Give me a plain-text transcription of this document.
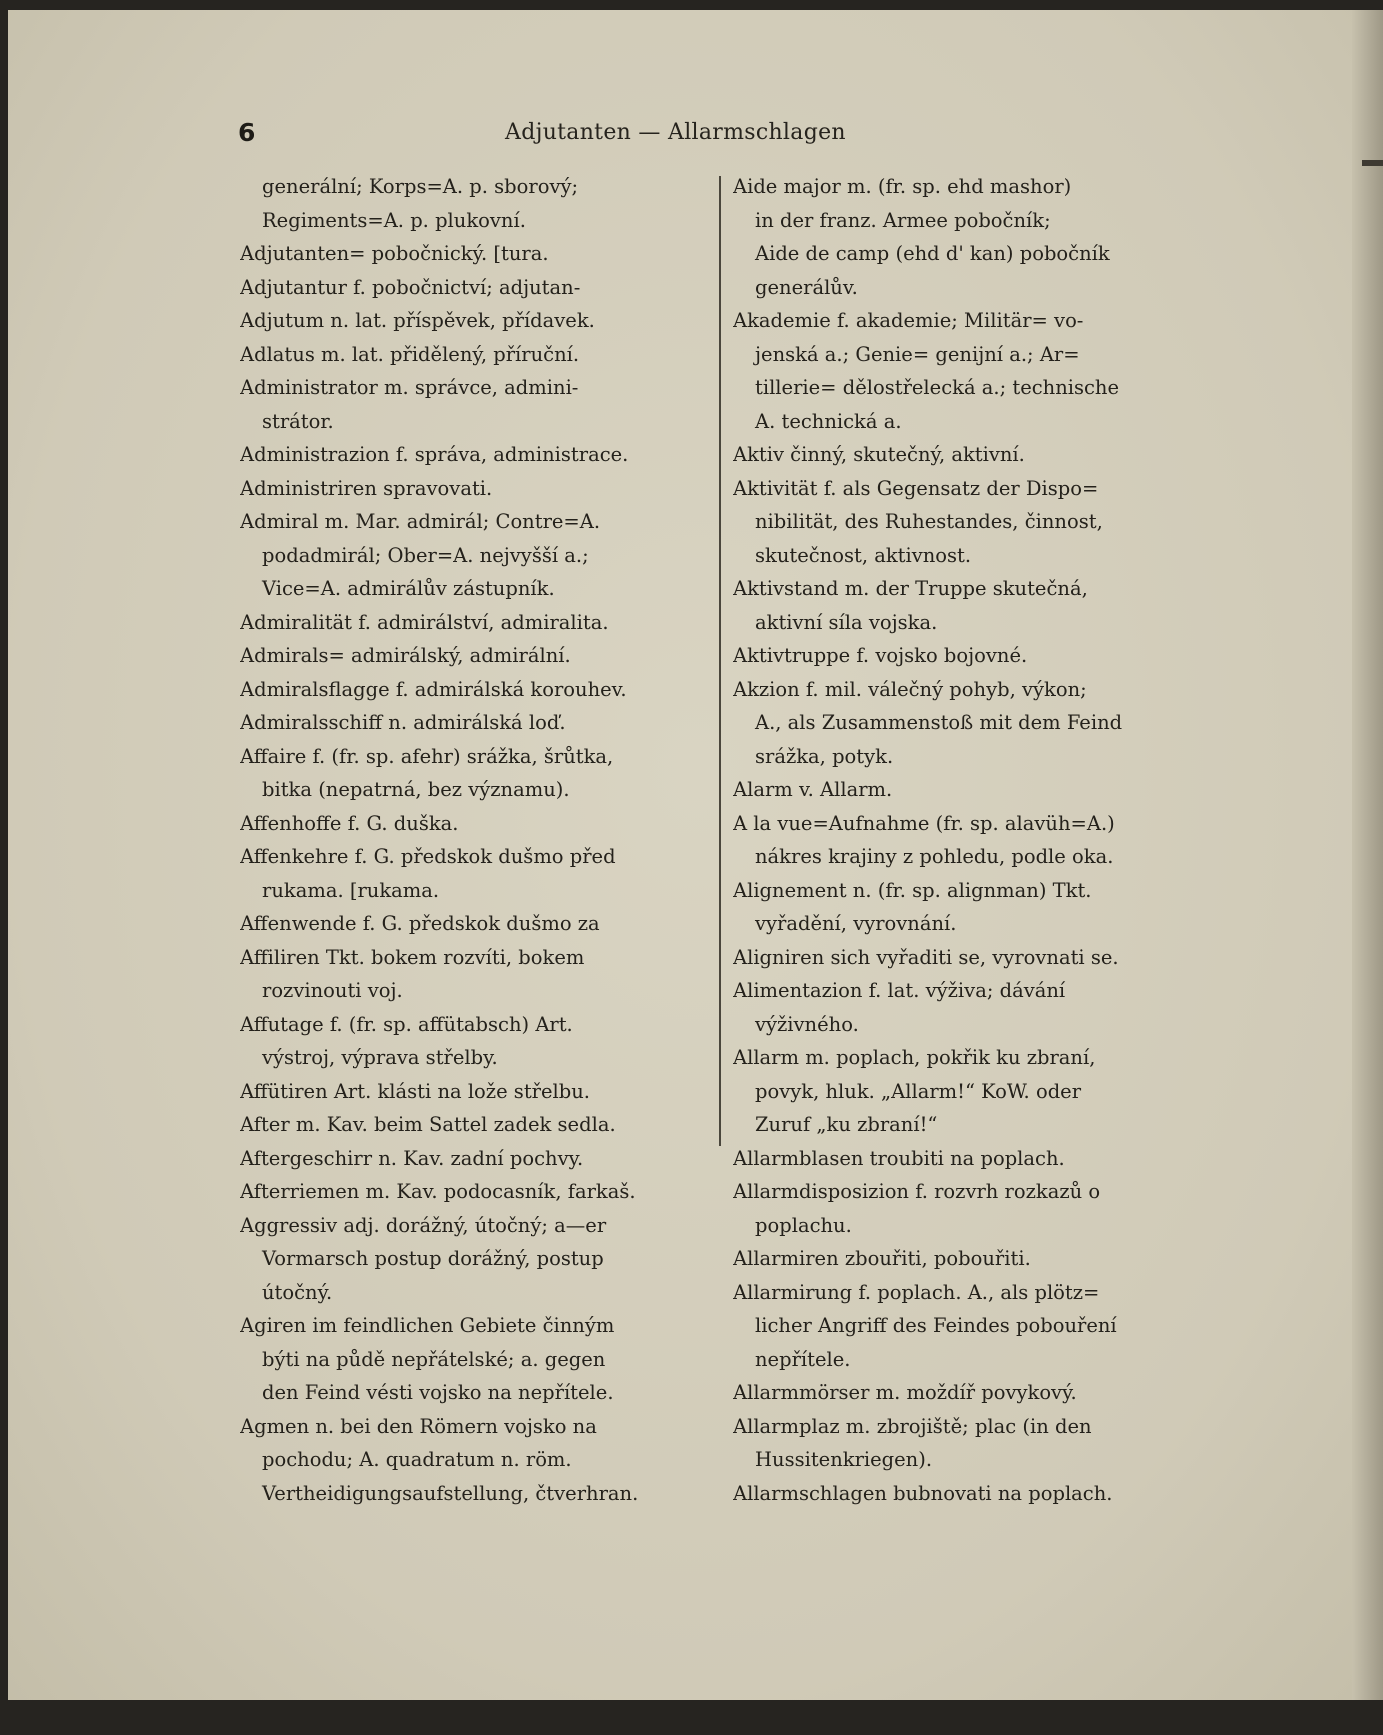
6	Adjutanten — Allarmschlagen
generální; Korps=A. p. sborový;
Regiments=A. p. plukovní.
Adjutanten= pobočnický. [tura.
Adjutantur f. pobočnictví; adjutan-
Adjutum n. lat. příspěvek, přídavek.
Adlatus m. lat. přidělený, příruční.
Administrator m. správce, admini-
strátor.
Administrazion f. správa, administrace.
Administriren spravovati.
Admiral m. Mar. admirál; Contre=A.
podadmirál; Ober=A. nejvyšší a.;
Vice=A. admirálův zástupník.
Admiralität f. admirálství, admiralita.
Admirals= admirálský, admirální.
Admiralsflagge f. admirálská korouhev.
Admiralsschiff n. admirálská loď.
Affaire f. (fr. sp. afehr) srážka, šrůtka,
bitka (nepatrná, bez významu).
Affenhoffe f. G. duška.
Affenkehre f. G. předskok dušmo před
rukama. [rukama.
Affenwende f. G. předskok dušmo za
Affiliren Tkt. bokem rozvíti, bokem
rozvinouti voj.
Affutage f. (fr. sp. affütabsch) Art.
výstroj, výprava střelby.
Affütiren Art. klásti na lože střelbu.
After m. Kav. beim Sattel zadek sedla.
Aftergeschirr n. Kav. zadní pochvy.
Afterriemen m. Kav. podocasník, farkaš.
Aggressiv adj. dorážný, útočný; a—er
Vormarsch postup dorážný, postup
útočný.
Agiren im feindlichen Gebiete činným
býti na půdě nepřátelské; a. gegen
den Feind vésti vojsko na nepřítele.
Agmen n. bei den Römern vojsko na
pochodu; A. quadratum n. röm.
Vertheidigungsaufstellung, čtverhran.
Aide major m. (fr. sp. ehd mashor)
in der franz. Armee pobočník;
Aide de camp (ehd d' kan) pobočník
generálův.
Akademie f. akademie; Militär= vo-
jenská a.; Genie= genijní a.; Ar=
tillerie= dělostřelecká a.; technische
A. technická a.
Aktiv činný, skutečný, aktivní.
Aktivität f. als Gegensatz der Dispo=
nibilität, des Ruhestandes, činnost,
skutečnost, aktivnost.
Aktivstand m. der Truppe skutečná,
aktivní síla vojska.
Aktivtruppe f. vojsko bojovné.
Akzion f. mil. válečný pohyb, výkon;
A., als Zusammenstoß mit dem Feind
srážka, potyk.
Alarm v. Allarm.
A la vue=Aufnahme (fr. sp. alavüh=A.)
nákres krajiny z pohledu, podle oka.
Alignement n. (fr. sp. alignman) Tkt.
vyřadění, vyrovnání.
Aligniren sich vyřaditi se, vyrovnati se.
Alimentazion f. lat. výživa; dávání
výživného.
Allarm m. poplach, pokřik ku zbraní,
povyk, hluk. „Allarm!“ KoW. oder
Zuruf „ku zbraní!“
Allarmblasen troubiti na poplach.
Allarmdisposizion f. rozvrh rozkazů o
poplachu.
Allarmiren zbouřiti, pobouřiti.
Allarmirung f. poplach. A., als plötz=
licher Angriff des Feindes pobouření
nepřítele.
Allarmmörser m. moždíř povykový.
Allarmplaz m. zbrojiště; plac (in den
Hussitenkriegen).
Allarmschlagen bubnovati na poplach.
